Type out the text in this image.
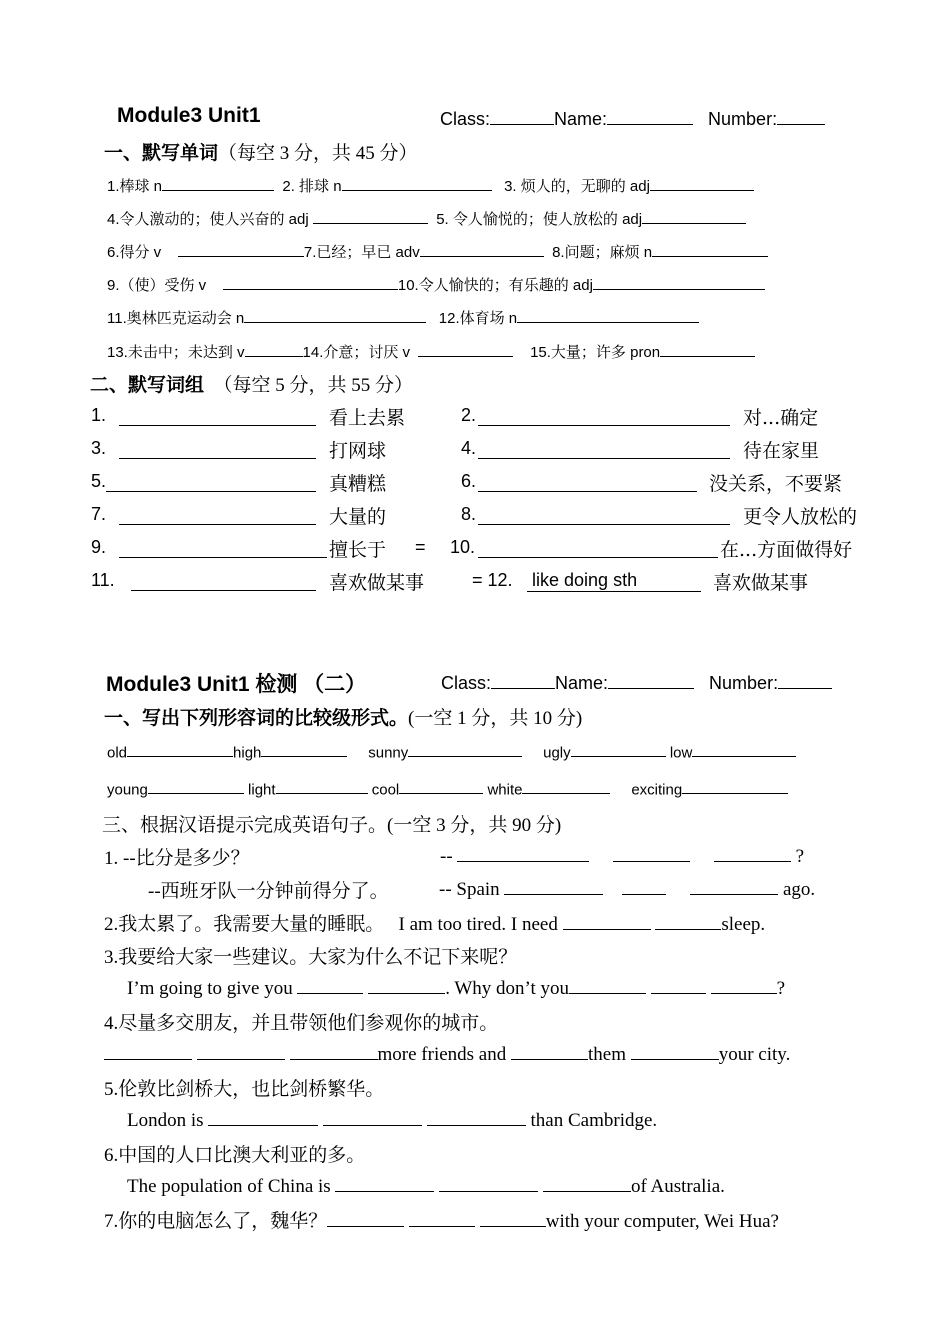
Module3 Unit1	Class:	Name:	Number:
一、默写单词（每空 3 分，共 45 分）
1.棒球 n	2. 排球 n	3. 烦人的，无聊的 adj
4.令人激动的；使人兴奋的 adj	5. 令人愉悦的；使人放松的 adj
6.得分 v	7.已经；早已 adv	8.问题；麻烦 n
9.（使）受伤 v	10.令人愉快的；有乐趣的 adj
11.奥林匹克运动会 n	12.体育场 n
13.未击中；未达到 v	14.介意；讨厌 v	15.大量；许多 pron
二、默写词组 （每空 5 分，共 55 分）
1.	看上去累	2.	对...确定
3.	打网球	4.	待在家里
5.	真糟糕	6.	没关系，不要紧
7.	大量的	8.	更令人放松的
9.	擅长于 = 10.	在...方面做得好
11.	喜欢做某事	= 12. like doing sth	喜欢做某事
Module3 Unit1 检测 （二）	Class:	Name:	Number:
一、写出下列形容词的比较级形式。(一空 1 分，共 10 分)
old	high	sunny	ugly	low
young	light	cool	white	exciting
三、根据汉语提示完成英语句子。(一空 3 分，共 90 分)
1. --比分是多少？	--	?
--西班牙队一分钟前得分了。	-- Spain	ago.
2.我太累了。我需要大量的睡眠。 I am too tired. I need	sleep.
3.我要给大家一些建议。大家为什么不记下来呢？
I’m going to give you	. Why don’t you	?
4.尽量多交朋友，并且带领他们参观你的城市。
more friends and	them	your city.
5.伦敦比剑桥大，也比剑桥繁华。
London is	than Cambridge.
6.中国的人口比澳大利亚的多。
The population of China is	of Australia.
7.你的电脑怎么了，魏华？	with your computer, Wei Hua?
